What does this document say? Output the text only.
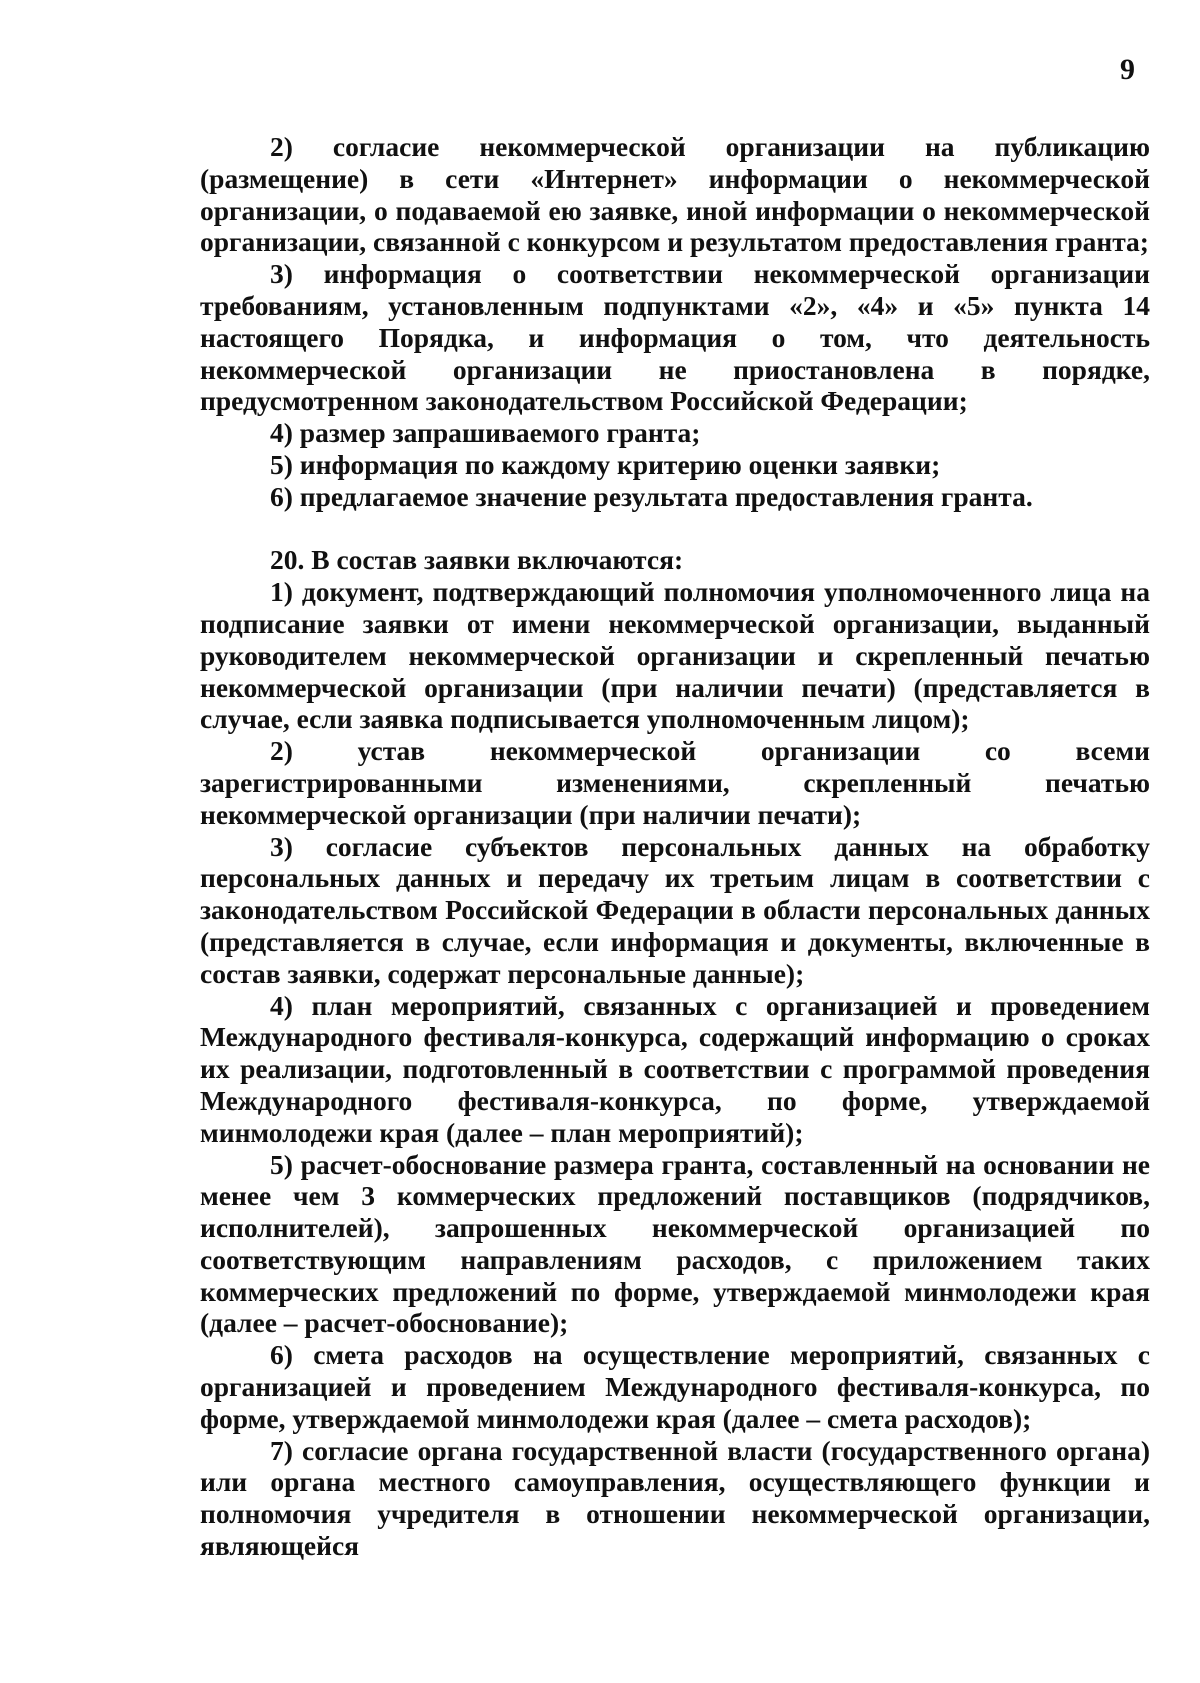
9

2) согласие некоммерческой организации на публикацию (размещение) в сети «Интернет» информации о некоммерческой организации, о подаваемой ею заявке, иной информации о некоммерческой организации, связанной с конкурсом и результатом предоставления гранта;

3) информация о соответствии некоммерческой организации требованиям, установленным подпунктами «2», «4» и «5» пункта 14 настоящего Порядка, и информация о том, что деятельность некоммерческой организации не приостановлена в порядке, предусмотренном законодательством Российской Федерации;

4) размер запрашиваемого гранта;

5) информация по каждому критерию оценки заявки;

6) предлагаемое значение результата предоставления гранта.

20. В состав заявки включаются:

1) документ, подтверждающий полномочия уполномоченного лица на подписание заявки от имени некоммерческой организации, выданный руководителем некоммерческой организации и скрепленный печатью некоммерческой организации (при наличии печати) (представляется в случае, если заявка подписывается уполномоченным лицом);

2) устав некоммерческой организации со всеми зарегистрированными изменениями, скрепленный печатью некоммерческой организации (при наличии печати);

3) согласие субъектов персональных данных на обработку персональных данных и передачу их третьим лицам в соответствии с законодательством Российской Федерации в области персональных данных (представляется в случае, если информация и документы, включенные в состав заявки, содержат персональные данные);

4) план мероприятий, связанных с организацией и проведением Международного фестиваля-конкурса, содержащий информацию о сроках их реализации, подготовленный в соответствии с программой проведения Международного фестиваля-конкурса, по форме, утверждаемой минмолодежи края (далее – план мероприятий);

5) расчет-обоснование размера гранта, составленный на основании не менее чем 3 коммерческих предложений поставщиков (подрядчиков, исполнителей), запрошенных некоммерческой организацией по соответствующим направлениям расходов, с приложением таких коммерческих предложений по форме, утверждаемой минмолодежи края (далее – расчет-обоснование);

6) смета расходов на осуществление мероприятий, связанных с организацией и проведением Международного фестиваля-конкурса, по форме, утверждаемой минмолодежи края (далее – смета расходов);

7) согласие органа государственной власти (государственного органа) или органа местного самоуправления, осуществляющего функции и полномочия учредителя в отношении некоммерческой организации, являющейся
